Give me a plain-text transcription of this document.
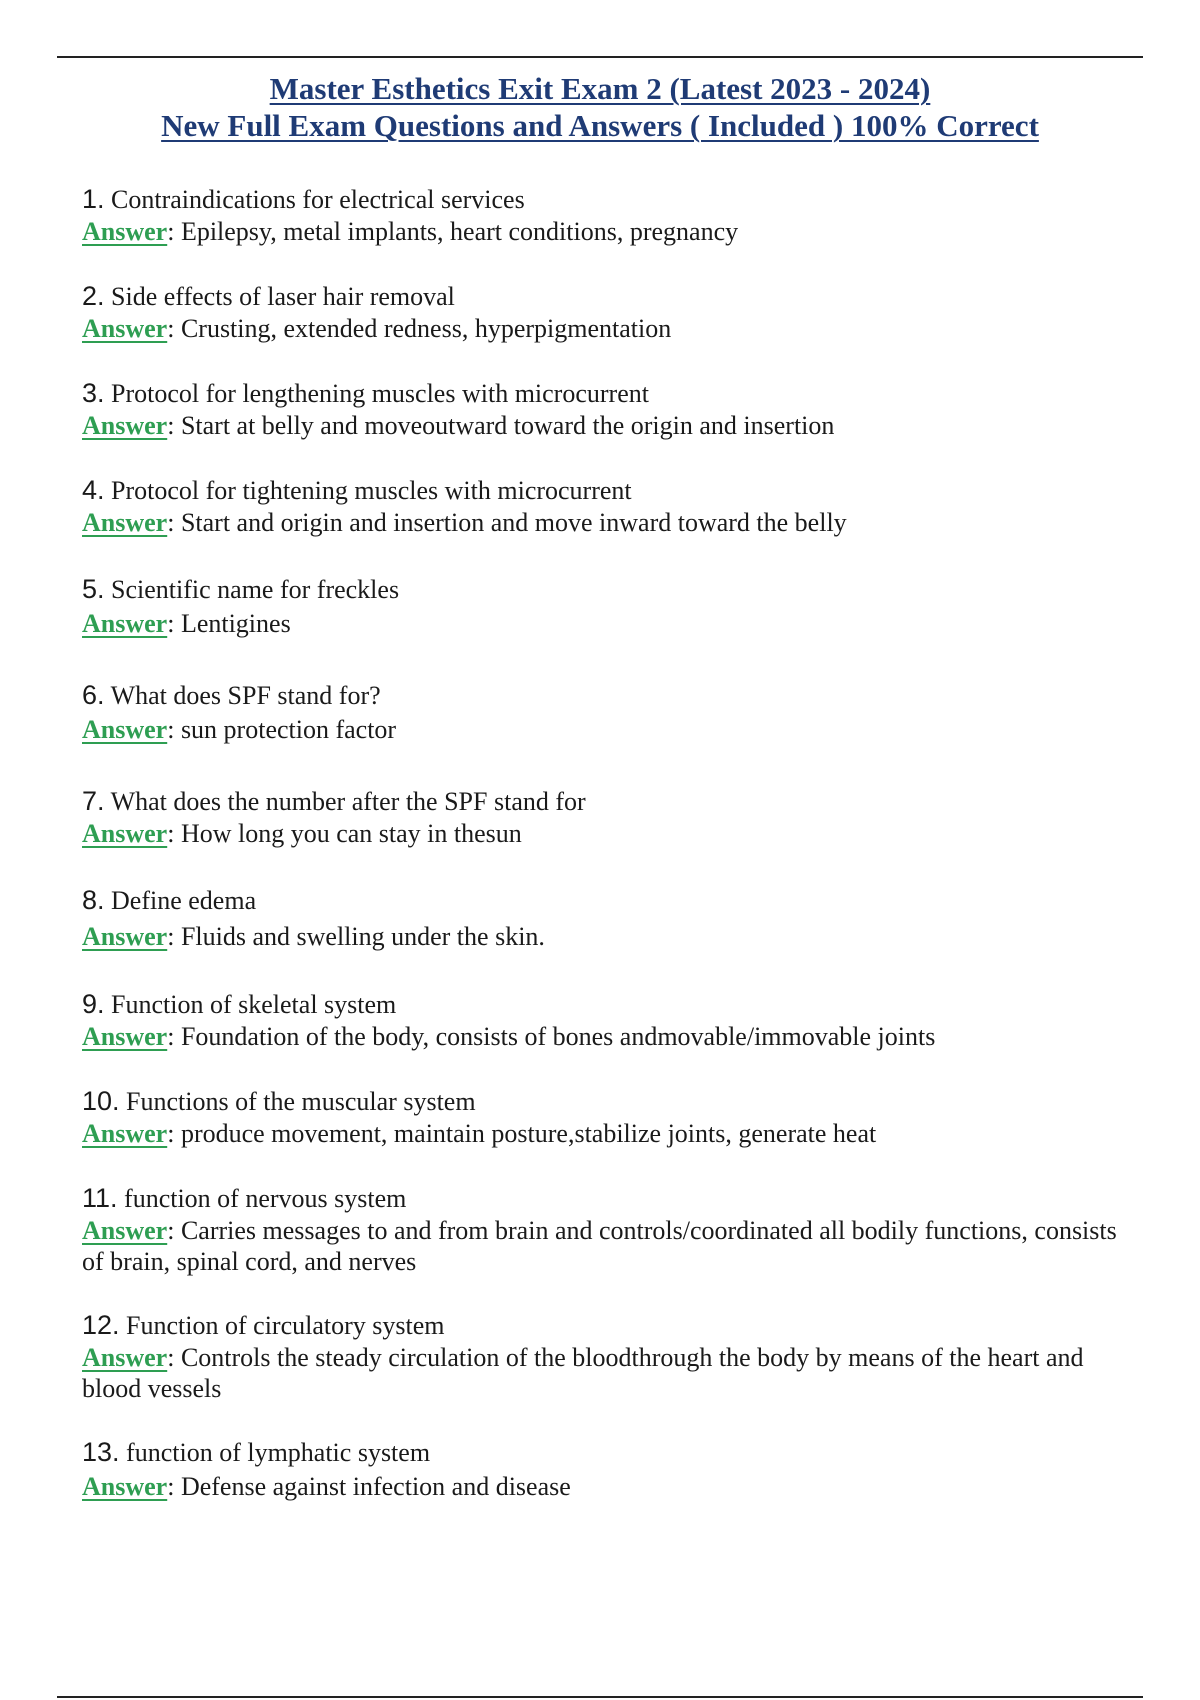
Master Esthetics Exit Exam 2 (Latest 2023 - 2024)
New Full Exam Questions and Answers ( Included ) 100% Correct
1. Contraindications for electrical services
Answer: Epilepsy, metal implants, heart conditions, pregnancy
2. Side effects of laser hair removal
Answer: Crusting, extended redness, hyperpigmentation
3. Protocol for lengthening muscles with microcurrent
Answer: Start at belly and moveoutward toward the origin and insertion
4. Protocol for tightening muscles with microcurrent
Answer: Start and origin and insertion and move inward toward the belly
5. Scientific name for freckles
Answer: Lentigines
6. What does SPF stand for?
Answer: sun protection factor
7. What does the number after the SPF stand for
Answer: How long you can stay in thesun
8. Define edema
Answer: Fluids and swelling under the skin.
9. Function of skeletal system
Answer: Foundation of the body, consists of bones andmovable/immovable joints
10. Functions of the muscular system
Answer: produce movement, maintain posture,stabilize joints, generate heat
11. function of nervous system
Answer: Carries messages to and from brain and controls/coordinated all bodily functions, consists of brain, spinal cord, and nerves
12. Function of circulatory system
Answer: Controls the steady circulation of the bloodthrough the body by means of the heart and blood vessels
13. function of lymphatic system
Answer: Defense against infection and disease
